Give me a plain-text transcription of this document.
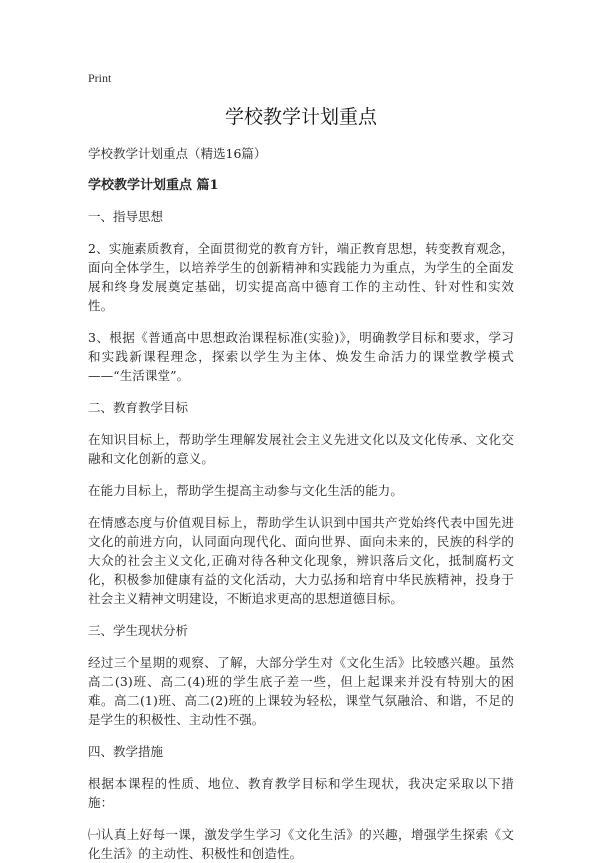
Print
学校教学计划重点

学校教学计划重点（精选16篇）

学校教学计划重点 篇1

一、指导思想

2、实施素质教育，全面贯彻党的教育方针，端正教育思想，转变教育观念，面向全体学生，以培养学生的创新精神和实践能力为重点，为学生的全面发展和终身发展奠定基础，切实提高高中德育工作的主动性、针对性和实效性。

3、根据《普通高中思想政治课程标准(实验)》，明确教学目标和要求，学习和实践新课程理念，探索以学生为主体、焕发生命活力的课堂教学模式——“生活课堂”。

二、教育教学目标

在知识目标上，帮助学生理解发展社会主义先进文化以及文化传承、文化交融和文化创新的意义。

在能力目标上，帮助学生提高主动参与文化生活的能力。

在情感态度与价值观目标上，帮助学生认识到中国共产党始终代表中国先进文化的前进方向，认同面向现代化、面向世界、面向未来的，民族的科学的大众的社会主义文化,正确对待各种文化现象，辨识落后文化，抵制腐朽文化，积极参加健康有益的文化活动，大力弘扬和培育中华民族精神，投身于社会主义精神文明建设，不断追求更高的思想道德目标。

三、学生现状分析

经过三个星期的观察、了解，大部分学生对《文化生活》比较感兴趣。虽然高二(3)班、高二(4)班的学生底子差一些，但上起课来并没有特别大的困难。高二(1)班、高二(2)班的上课较为轻松，课堂气氛融洽、和谐，不足的是学生的积极性、主动性不强。

四、教学措施

根据本课程的性质、地位、教育教学目标和学生现状，我决定采取以下措施：

㈠认真上好每一课，激发学生学习《文化生活》的兴趣，增强学生探索《文化生活》的主动性、积极性和创造性。
